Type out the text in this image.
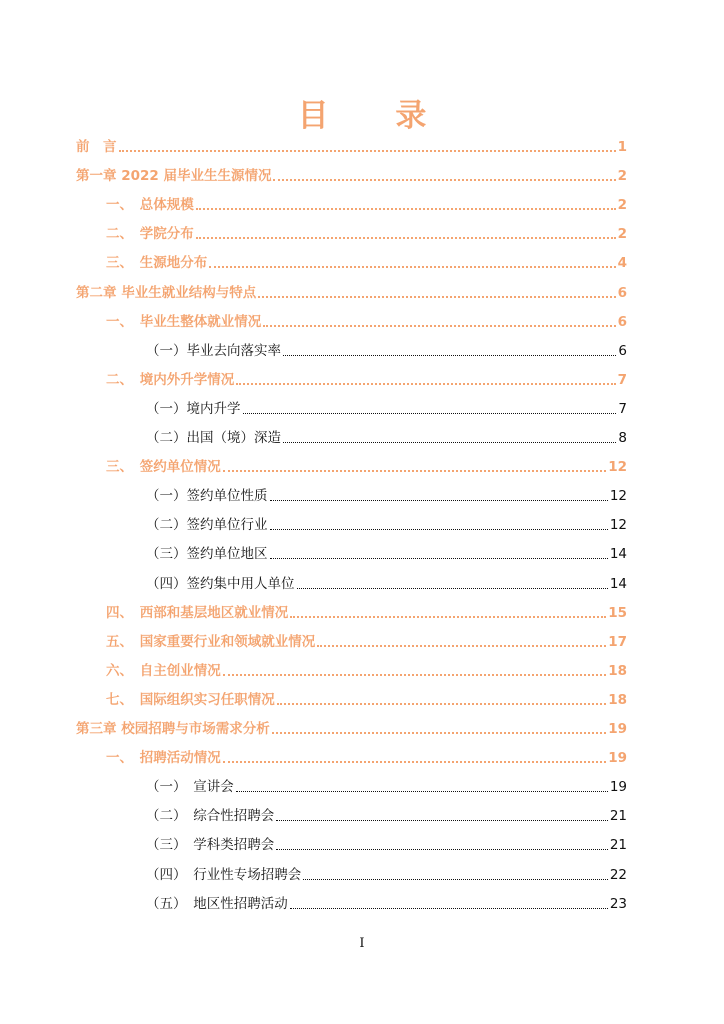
目 录
前　言	1
第一章 2022 届毕业生生源情况	2
一、　总体规模	2
二、　学院分布	2
三、　生源地分布	4
第二章 毕业生就业结构与特点	6
一、　毕业生整体就业情况	6
（一）毕业去向落实率	6
二、　境内外升学情况	7
（一）境内升学	7
（二）出国（境）深造	8
三、　签约单位情况	12
（一）签约单位性质	12
（二）签约单位行业	12
（三）签约单位地区	14
（四）签约集中用人单位	14
四、　西部和基层地区就业情况	15
五、　国家重要行业和领域就业情况	17
六、　自主创业情况	18
七、　国际组织实习任职情况	18
第三章 校园招聘与市场需求分析	19
一、　招聘活动情况	19
（一）　宣讲会	19
（二）　综合性招聘会	21
（三）　学科类招聘会	21
（四）　行业性专场招聘会	22
（五）　地区性招聘活动	23
I
